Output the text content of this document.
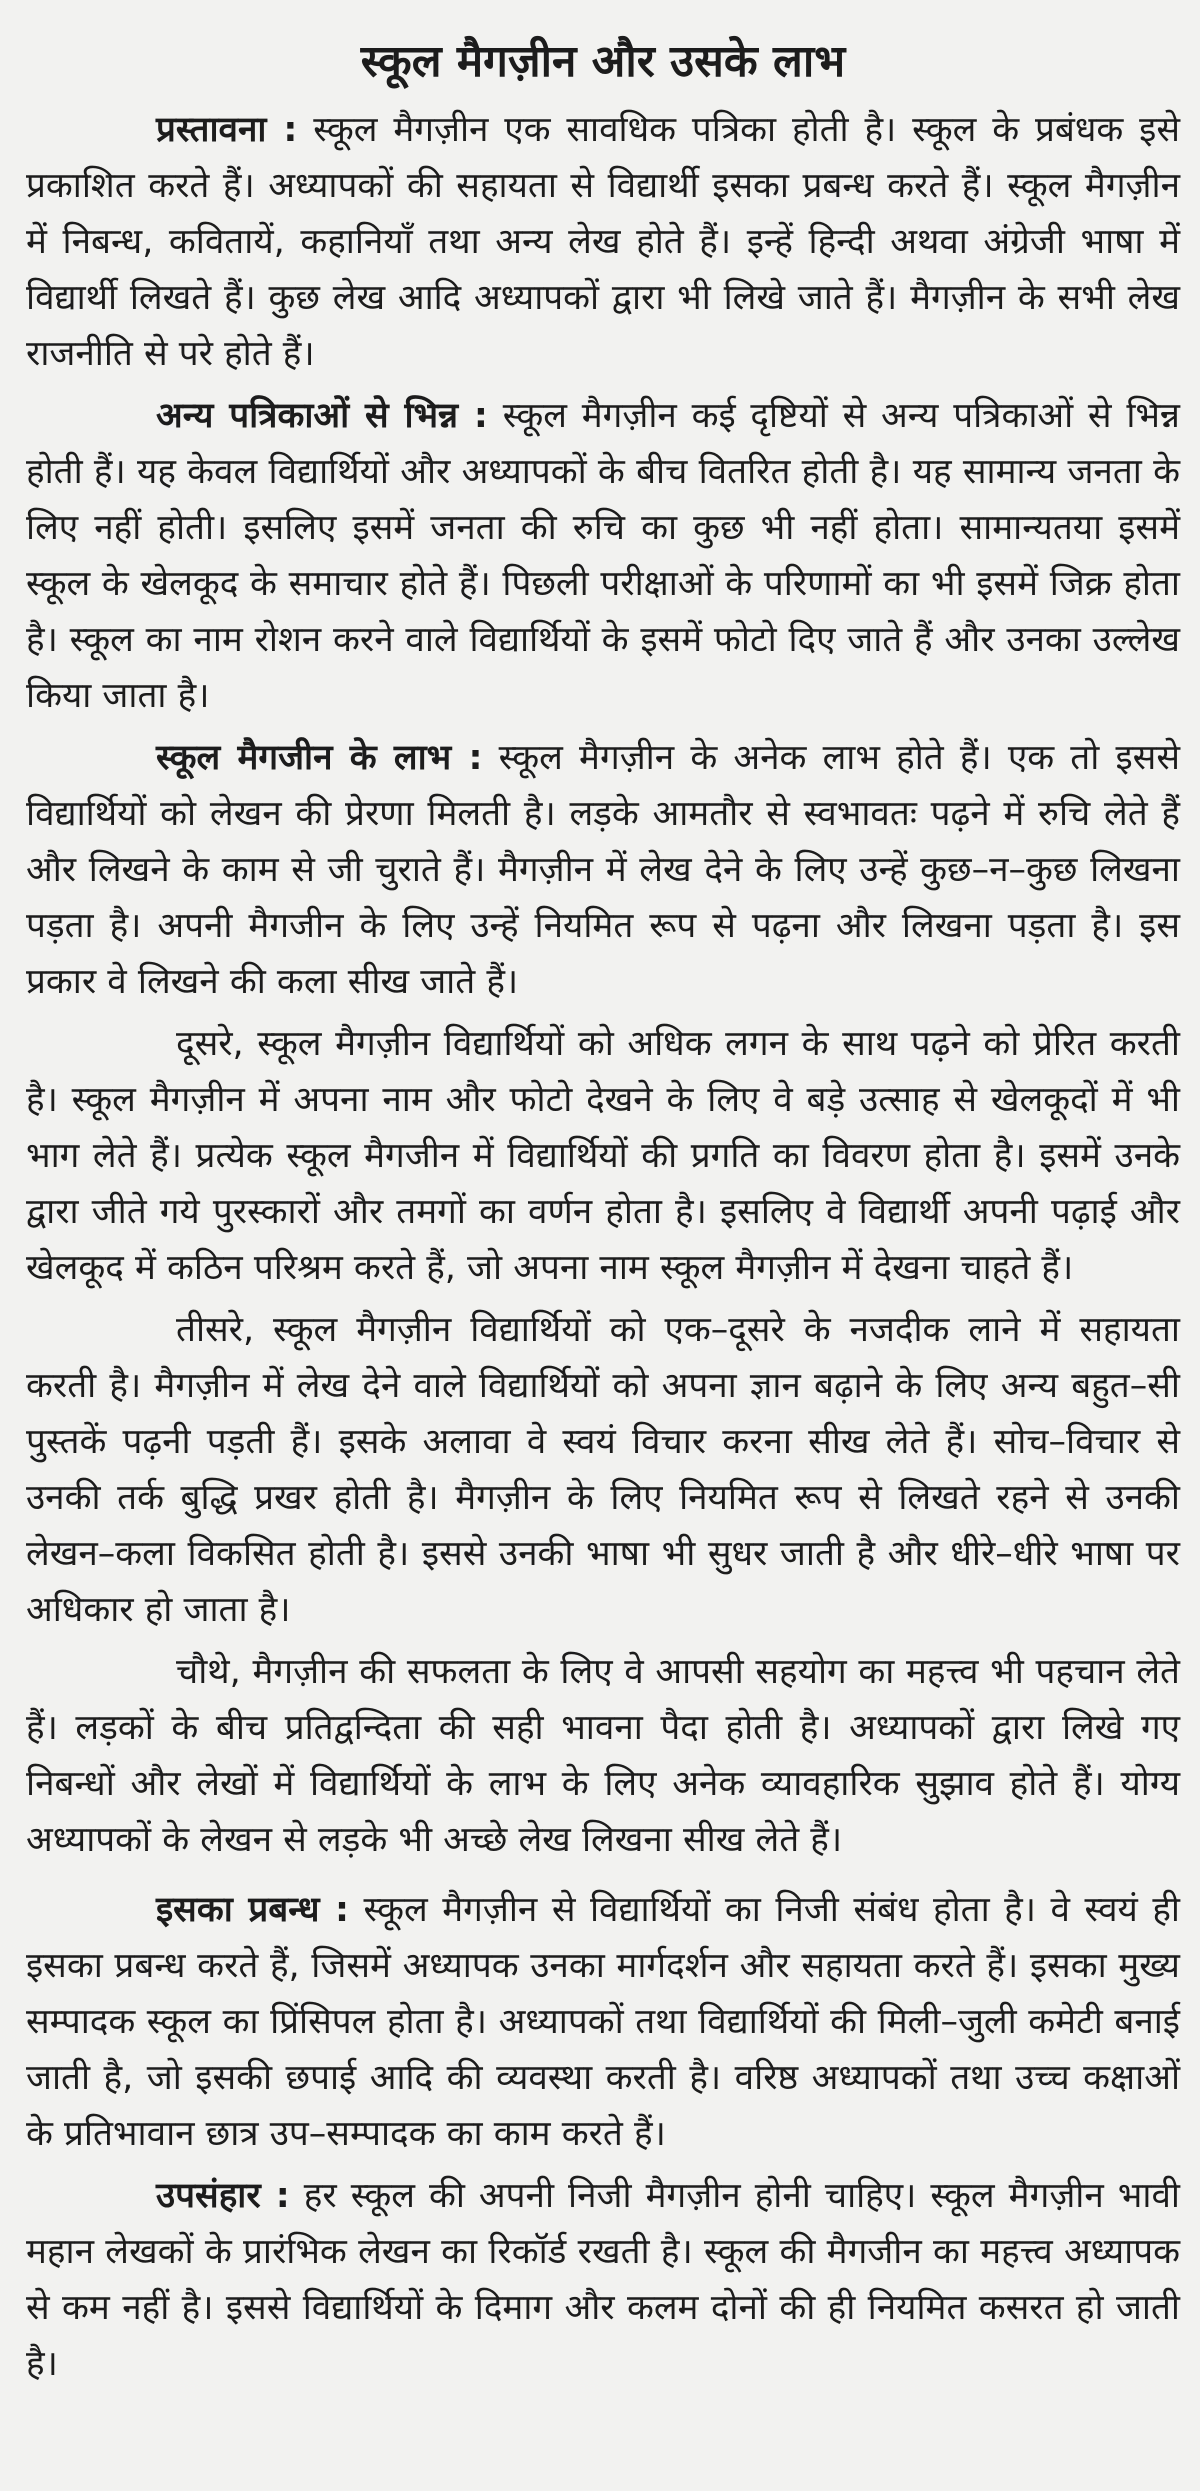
स्कूल मैगज़ीन और उसके लाभ

प्रस्तावना : स्कूल मैगज़ीन एक सावधिक पत्रिका होती है। स्कूल के प्रबंधक इसे प्रकाशित करते हैं। अध्यापकों की सहायता से विद्यार्थी इसका प्रबन्ध करते हैं। स्कूल मैगज़ीन में निबन्ध, कवितायें, कहानियाँ तथा अन्य लेख होते हैं। इन्हें हिन्दी अथवा अंग्रेजी भाषा में विद्यार्थी लिखते हैं। कुछ लेख आदि अध्यापकों द्वारा भी लिखे जाते हैं। मैगज़ीन के सभी लेख राजनीति से परे होते हैं।

अन्य पत्रिकाओं से भिन्न : स्कूल मैगज़ीन कई दृष्टियों से अन्य पत्रिकाओं से भिन्न होती हैं। यह केवल विद्यार्थियों और अध्यापकों के बीच वितरित होती है। यह सामान्य जनता के लिए नहीं होती। इसलिए इसमें जनता की रुचि का कुछ भी नहीं होता। सामान्यतया इसमें स्कूल के खेलकूद के समाचार होते हैं। पिछली परीक्षाओं के परिणामों का भी इसमें जिक्र होता है। स्कूल का नाम रोशन करने वाले विद्यार्थियों के इसमें फोटो दिए जाते हैं और उनका उल्लेख किया जाता है।

स्कूल मैगजीन के लाभ : स्कूल मैगज़ीन के अनेक लाभ होते हैं। एक तो इससे विद्यार्थियों को लेखन की प्रेरणा मिलती है। लड़के आमतौर से स्वभावतः पढ़ने में रुचि लेते हैं और लिखने के काम से जी चुराते हैं। मैगज़ीन में लेख देने के लिए उन्हें कुछ–न–कुछ लिखना पड़ता है। अपनी मैगजीन के लिए उन्हें नियमित रूप से पढ़ना और लिखना पड़ता है। इस प्रकार वे लिखने की कला सीख जाते हैं।

दूसरे, स्कूल मैगज़ीन विद्यार्थियों को अधिक लगन के साथ पढ़ने को प्रेरित करती है। स्कूल मैगज़ीन में अपना नाम और फोटो देखने के लिए वे बड़े उत्साह से खेलकूदों में भी भाग लेते हैं। प्रत्येक स्कूल मैगजीन में विद्यार्थियों की प्रगति का विवरण होता है। इसमें उनके द्वारा जीते गये पुरस्कारों और तमगों का वर्णन होता है। इसलिए वे विद्यार्थी अपनी पढ़ाई और खेलकूद में कठिन परिश्रम करते हैं, जो अपना नाम स्कूल मैगज़ीन में देखना चाहते हैं।

तीसरे, स्कूल मैगज़ीन विद्यार्थियों को एक–दूसरे के नजदीक लाने में सहायता करती है। मैगज़ीन में लेख देने वाले विद्यार्थियों को अपना ज्ञान बढ़ाने के लिए अन्य बहुत–सी पुस्तकें पढ़नी पड़ती हैं। इसके अलावा वे स्वयं विचार करना सीख लेते हैं। सोच–विचार से उनकी तर्क बुद्धि प्रखर होती है। मैगज़ीन के लिए नियमित रूप से लिखते रहने से उनकी लेखन–कला विकसित होती है। इससे उनकी भाषा भी सुधर जाती है और धीरे–धीरे भाषा पर अधिकार हो जाता है।

चौथे, मैगज़ीन की सफलता के लिए वे आपसी सहयोग का महत्त्व भी पहचान लेते हैं। लड़कों के बीच प्रतिद्वन्दिता की सही भावना पैदा होती है। अध्यापकों द्वारा लिखे गए निबन्धों और लेखों में विद्यार्थियों के लाभ के लिए अनेक व्यावहारिक सुझाव होते हैं। योग्य अध्यापकों के लेखन से लड़के भी अच्छे लेख लिखना सीख लेते हैं।

इसका प्रबन्ध : स्कूल मैगज़ीन से विद्यार्थियों का निजी संबंध होता है। वे स्वयं ही इसका प्रबन्ध करते हैं, जिसमें अध्यापक उनका मार्गदर्शन और सहायता करते हैं। इसका मुख्य सम्पादक स्कूल का प्रिंसिपल होता है। अध्यापकों तथा विद्यार्थियों की मिली–जुली कमेटी बनाई जाती है, जो इसकी छपाई आदि की व्यवस्था करती है। वरिष्ठ अध्यापकों तथा उच्च कक्षाओं के प्रतिभावान छात्र उप–सम्पादक का काम करते हैं।

उपसंहार : हर स्कूल की अपनी निजी मैगज़ीन होनी चाहिए। स्कूल मैगज़ीन भावी महान लेखकों के प्रारंभिक लेखन का रिकॉर्ड रखती है। स्कूल की मैगजीन का महत्त्व अध्यापक से कम नहीं है। इससे विद्यार्थियों के दिमाग और कलम दोनों की ही नियमित कसरत हो जाती है।
